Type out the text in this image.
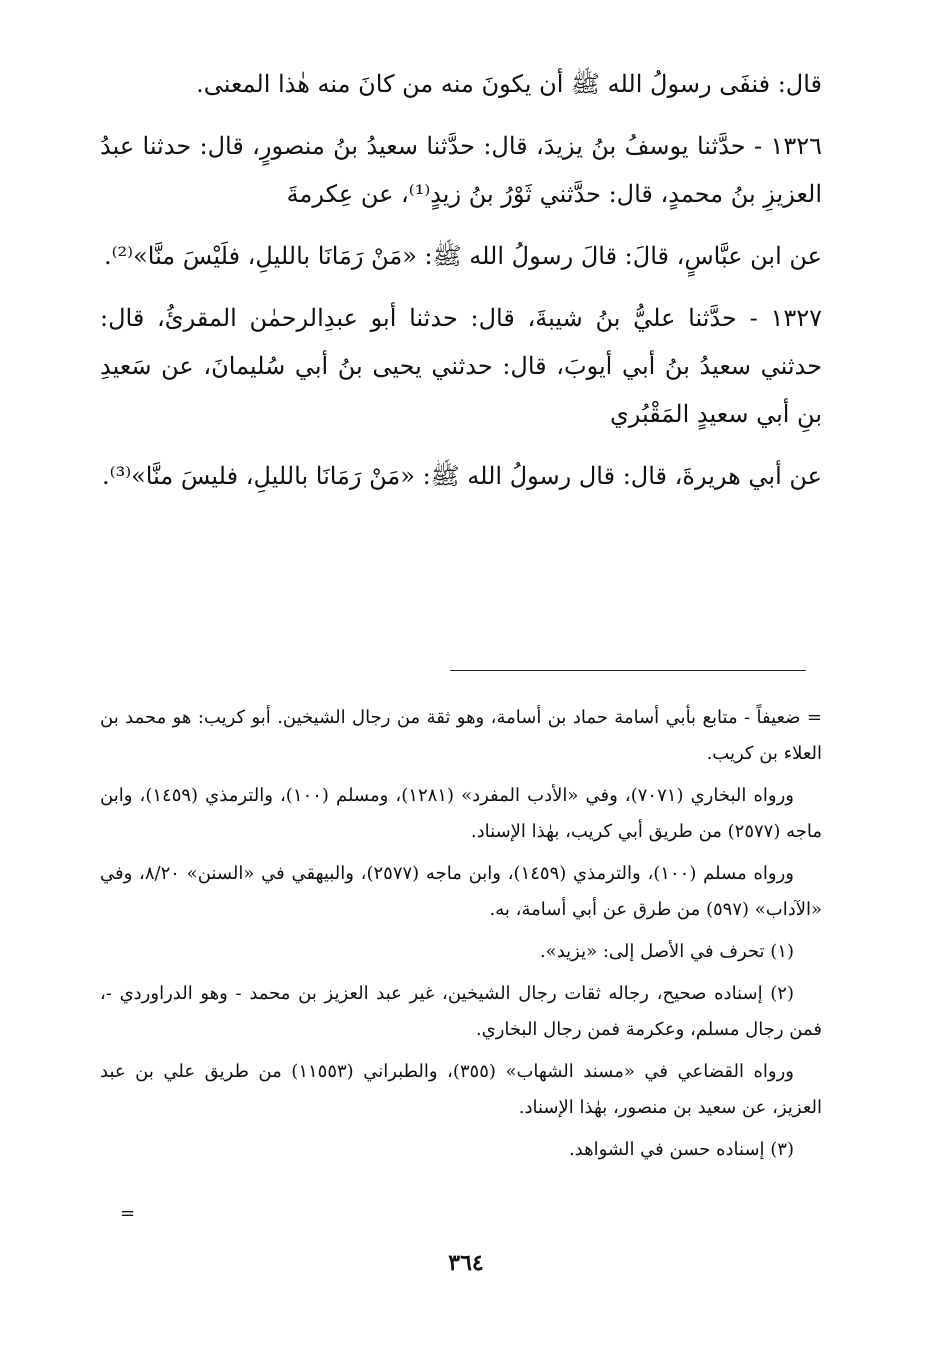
قال: فنفَى رسولُ الله ﷺ أن يكونَ منه من كانَ منه هٰذا المعنى.

١٣٢٦ - حدَّثنا يوسفُ بنُ يزيدَ، قال: حدَّثنا سعيدُ بنُ منصورٍ، قال: حدثنا عبدُ العزيزِ بنُ محمدٍ، قال: حدَّثني ثَوْرُ بنُ زيدٍ⁽¹⁾، عن عِكرمةَ

عن ابن عبَّاسٍ، قالَ: قالَ رسولُ الله ﷺ: «مَنْ رَمَانَا بالليلِ، فلَيْسَ منَّا»⁽²⁾.

١٣٢٧ - حدَّثنا عليُّ بنُ شيبةَ، قال: حدثنا أبو عبدِالرحمٰن المقرئُ، قال: حدثني سعيدُ بنُ أبي أيوبَ، قال: حدثني يحيى بنُ أبي سُليمانَ، عن سَعيدِ بنِ أبي سعيدٍ المَقْبُري

عن أبي هريرةَ، قال: قال رسولُ الله ﷺ: «مَنْ رَمَانَا بالليلِ، فليسَ منَّا»⁽³⁾.

= ضعيفاً - متابع بأبي أسامة حماد بن أسامة، وهو ثقة من رجال الشيخين. أبو كريب: هو محمد بن العلاء بن كريب.

ورواه البخاري (٧٠٧١)، وفي «الأدب المفرد» (١٢٨١)، ومسلم (١٠٠)، والترمذي (١٤٥٩)، وابن ماجه (٢٥٧٧) من طريق أبي كريب، بهٰذا الإسناد.

ورواه مسلم (١٠٠)، والترمذي (١٤٥٩)، وابن ماجه (٢٥٧٧)، والبيهقي في «السنن» ٨/٢٠، وفي «الآداب» (٥٩٧) من طرق عن أبي أسامة، به.

(١) تحرف في الأصل إلى: «يزيد».

(٢) إسناده صحيح، رجاله ثقات رجال الشيخين، غير عبد العزيز بن محمد - وهو الدراوردي -، فمن رجال مسلم، وعكرمة فمن رجال البخاري.

ورواه القضاعي في «مسند الشهاب» (٣٥٥)، والطبراني (١١٥٥٣) من طريق علي بن عبد العزيز، عن سعيد بن منصور، بهٰذا الإسناد.

(٣) إسناده حسن في الشواهد.

=
٣٦٤
